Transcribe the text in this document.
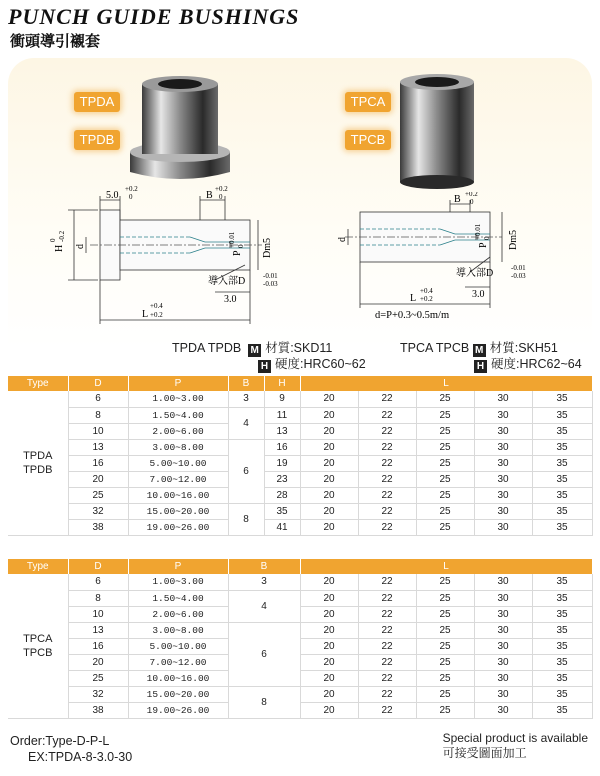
PUNCH GUIDE BUSHINGS
衝頭導引襯套
TPDA
TPDB
TPCA
TPCB
5.0
+0.2
0	B
+0.2
0
H
0 -0.2
d
P
+0.01 0 Dm5
導入部D	-0.01
-0.03
3.0
L
+0.4
+0.2
B +0.2
0
d
P
+0.01 0 Dm5
導入部D	-0.01
-0.03
3.0
L
+0.4
+0.2
d=P+0.3~0.5m/m
TPDA TPDB M 材質:SKD11
H 硬度:HRC60~62
TPCA TPCB M 材質:SKH51
H 硬度:HRC62~64
Type	D	P	B	H	L				

TPDA
TPDB	6	1.00~3.00	3	9	20	22	25	30	35
	8	1.50~4.00	4	11	20	22	25	30	35
	10	2.00~6.00		13	20	22	25	30	35
	13	3.00~8.00	6	16	20	22	25	30	35
	16	5.00~10.00		19	20	22	25	30	35
	20	7.00~12.00		23	20	22	25	30	35
	25	10.00~16.00		28	20	22	25	30	35
	32	15.00~20.00	8	35	20	22	25	30	35
	38	19.00~26.00		41	20	22	25	30	35
Type	D	P	B	L				

TPCA
TPCB	6	1.00~3.00	3	20	22	25	30	35
	8	1.50~4.00	4	20	22	25	30	35
	10	2.00~6.00		20	22	25	30	35
	13	3.00~8.00	6	20	22	25	30	35
	16	5.00~10.00		20	22	25	30	35
	20	7.00~12.00		20	22	25	30	35
	25	10.00~16.00		20	22	25	30	35
	32	15.00~20.00	8	20	22	25	30	35
	38	19.00~26.00		20	22	25	30	35
Order:Type-D-P-L
EX:TPDA-8-3.0-30
Special product is available
可接受圖面加工
